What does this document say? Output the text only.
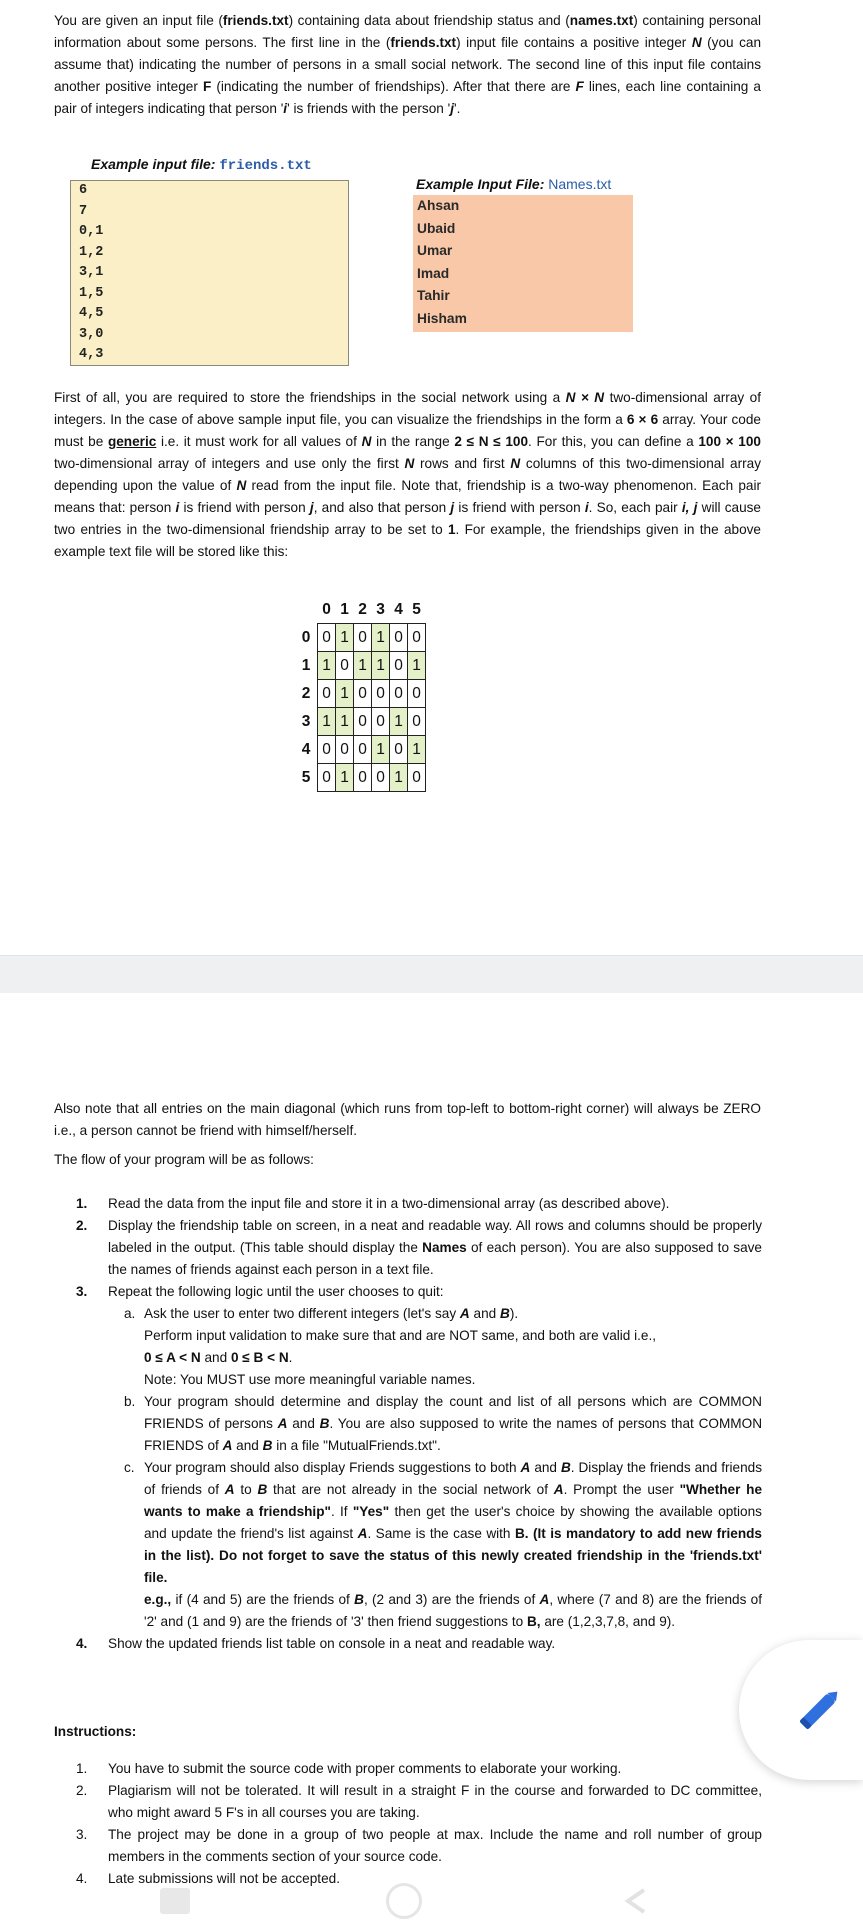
You are given an input file (friends.txt) containing data about friendship status and (names.txt) containing personal information about some persons. The first line in the (friends.txt) input file contains a positive integer N (you can assume that) indicating the number of persons in a small social network. The second line of this input file contains another positive integer F (indicating the number of friendships). After that there are F lines, each line containing a pair of integers indicating that person 'i' is friends with the person 'j'.
Example input file: friends.txt
6
7
0,1
1,2
3,1
1,5
4,5
3,0
4,3
Example Input File: Names.txt
Ahsan
Ubaid
Umar
Imad
Tahir
Hisham
First of all, you are required to store the friendships in the social network using a N × N two-dimensional array of integers. In the case of above sample input file, you can visualize the friendships in the form a 6 × 6 array. Your code must be generic i.e. it must work for all values of N in the range 2 ≤ N ≤ 100. For this, you can define a 100 × 100 two-dimensional array of integers and use only the first N rows and first N columns of this two-dimensional array depending upon the value of N read from the input file. Note that, friendship is a two-way phenomenon. Each pair means that: person i is friend with person j, and also that person j is friend with person i. So, each pair i, j will cause two entries in the two-dimensional friendship array to be set to 1. For example, the friendships given in the above example text file will be stored like this:
	0	1	2	3	4	5
0	0	1	0	1	0	0
1	1	0	1	1	0	1
2	0	1	0	0	0	0
3	1	1	0	0	1	0
4	0	0	0	1	0	1
5	0	1	0	0	1	0
Also note that all entries on the main diagonal (which runs from top-left to bottom-right corner) will always be ZERO i.e., a person cannot be friend with himself/herself.
The flow of your program will be as follows:
1. Read the data from the input file and store it in a two-dimensional array (as described above).
2. Display the friendship table on screen, in a neat and readable way. All rows and columns should be properly labeled in the output. (This table should display the Names of each person). You are also supposed to save the names of friends against each person in a text file.
3. Repeat the following logic until the user chooses to quit:
a. Ask the user to enter two different integers (let's say A and B).
Perform input validation to make sure that and are NOT same, and both are valid i.e.,
0 ≤ A < N and 0 ≤ B < N.
Note: You MUST use more meaningful variable names.
b. Your program should determine and display the count and list of all persons which are COMMON FRIENDS of persons A and B. You are also supposed to write the names of persons that COMMON FRIENDS of A and B in a file "MutualFriends.txt".
c. Your program should also display Friends suggestions to both A and B. Display the friends and friends of friends of A to B that are not already in the social network of A. Prompt the user "Whether he wants to make a friendship". If "Yes" then get the user's choice by showing the available options and update the friend's list against A. Same is the case with B. (It is mandatory to add new friends in the list). Do not forget to save the status of this newly created friendship in the 'friends.txt' file.
e.g., if (4 and 5) are the friends of B, (2 and 3) are the friends of A, where (7 and 8) are the friends of '2' and (1 and 9) are the friends of '3' then friend suggestions to B, are (1,2,3,7,8, and 9).
4. Show the updated friends list table on console in a neat and readable way.
Instructions:
1. You have to submit the source code with proper comments to elaborate your working.
2. Plagiarism will not be tolerated. It will result in a straight F in the course and forwarded to DC committee, who might award 5 F's in all courses you are taking.
3. The project may be done in a group of two people at max. Include the name and roll number of group members in the comments section of your source code.
4. Late submissions will not be accepted.
